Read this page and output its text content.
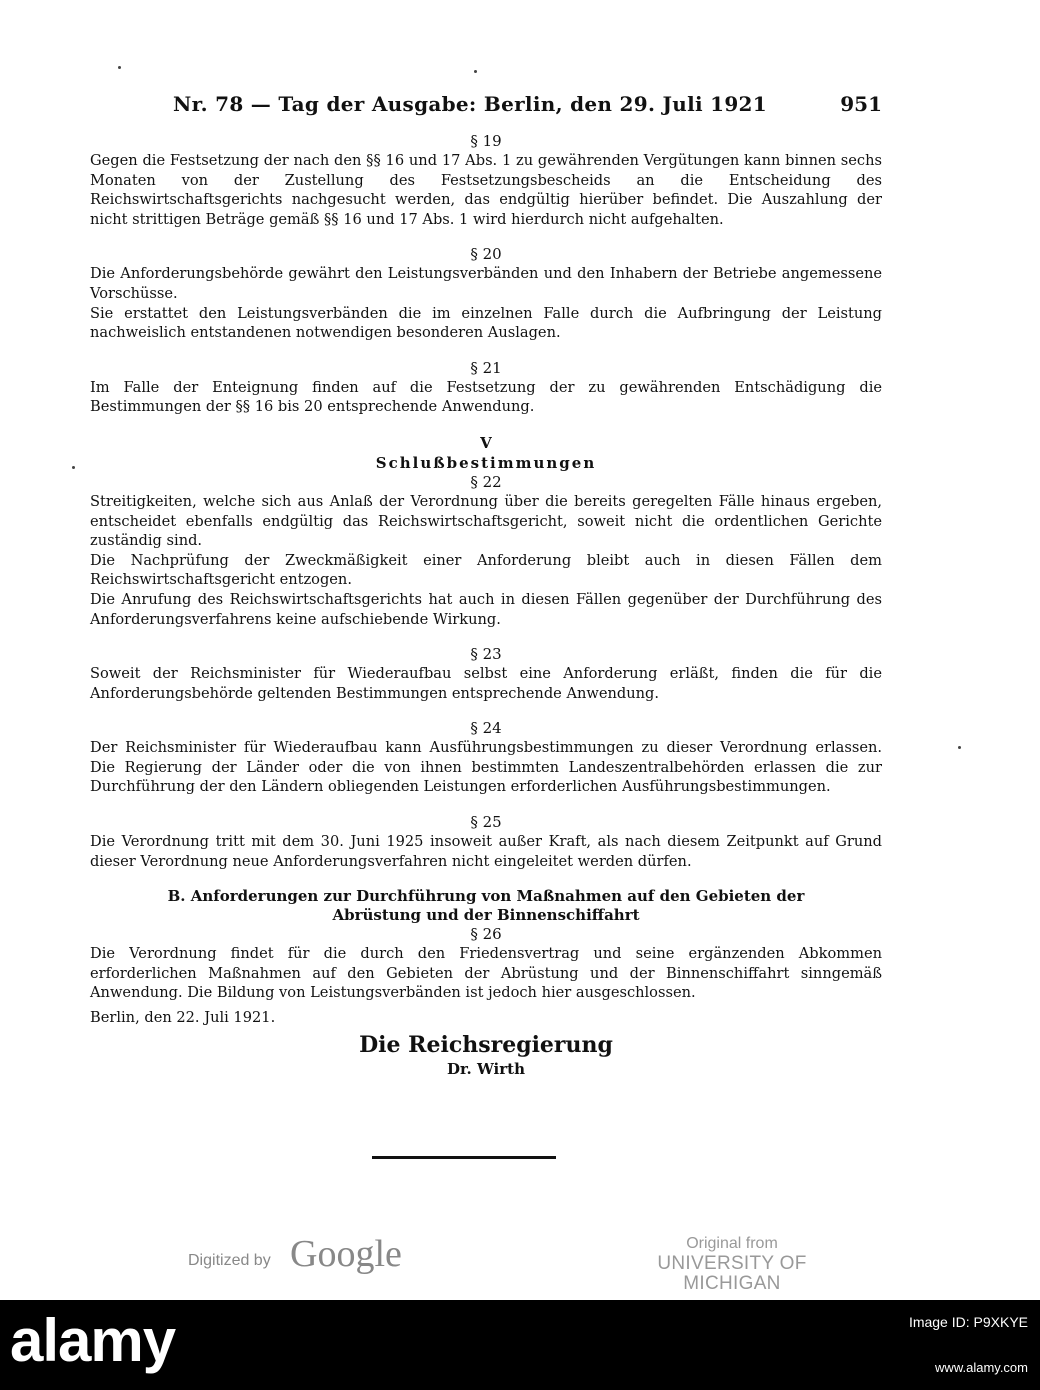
Nr. 78 — Tag der Ausgabe: Berlin, den 29. Juli 1921	951

§ 19

Gegen die Festsetzung der nach den §§ 16 und 17 Abs. 1 zu gewährenden Vergütungen kann binnen sechs Monaten von der Zustellung des Festsetzungsbescheids an die Entscheidung des Reichswirtschaftsgerichts nachgesucht werden, das endgültig hierüber befindet. Die Auszahlung der nicht strittigen Beträge gemäß §§ 16 und 17 Abs. 1 wird hierdurch nicht aufgehalten.

§ 20

Die Anforderungsbehörde gewährt den Leistungsverbänden und den Inhabern der Betriebe angemessene Vorschüsse.

Sie erstattet den Leistungsverbänden die im einzelnen Falle durch die Aufbringung der Leistung nachweislich entstandenen notwendigen besonderen Auslagen.

§ 21

Im Falle der Enteignung finden auf die Festsetzung der zu gewährenden Entschädigung die Bestimmungen der §§ 16 bis 20 entsprechende Anwendung.

V

Schlußbestimmungen

§ 22

Streitigkeiten, welche sich aus Anlaß der Verordnung über die bereits geregelten Fälle hinaus ergeben, entscheidet ebenfalls endgültig das Reichswirtschaftsgericht, soweit nicht die ordentlichen Gerichte zuständig sind.

Die Nachprüfung der Zweckmäßigkeit einer Anforderung bleibt auch in diesen Fällen dem Reichswirtschaftsgericht entzogen.

Die Anrufung des Reichswirtschaftsgerichts hat auch in diesen Fällen gegenüber der Durchführung des Anforderungsverfahrens keine aufschiebende Wirkung.

§ 23

Soweit der Reichsminister für Wiederaufbau selbst eine Anforderung erläßt, finden die für die Anforderungsbehörde geltenden Bestimmungen entsprechende Anwendung.

§ 24

Der Reichsminister für Wiederaufbau kann Ausführungsbestimmungen zu dieser Verordnung erlassen. Die Regierung der Länder oder die von ihnen bestimmten Landeszentralbehörden erlassen die zur Durchführung der den Ländern obliegenden Leistungen erforderlichen Ausführungsbestimmungen.

§ 25

Die Verordnung tritt mit dem 30. Juni 1925 insoweit außer Kraft, als nach diesem Zeitpunkt auf Grund dieser Verordnung neue Anforderungsverfahren nicht eingeleitet werden dürfen.

B. Anforderungen zur Durchführung von Maßnahmen auf den Gebieten der Abrüstung und der Binnenschiffahrt

§ 26

Die Verordnung findet für die durch den Friedensvertrag und seine ergänzenden Abkommen erforderlichen Maßnahmen auf den Gebieten der Abrüstung und der Binnenschiffahrt sinngemäß Anwendung. Die Bildung von Leistungsverbänden ist jedoch hier ausgeschlossen.

Berlin, den 22. Juli 1921.

Die Reichsregierung

Dr. Wirth

Digitized by Google	Original from
UNIVERSITY OF MICHIGAN
alamy	Image ID: P9XKYE
www.alamy.com
